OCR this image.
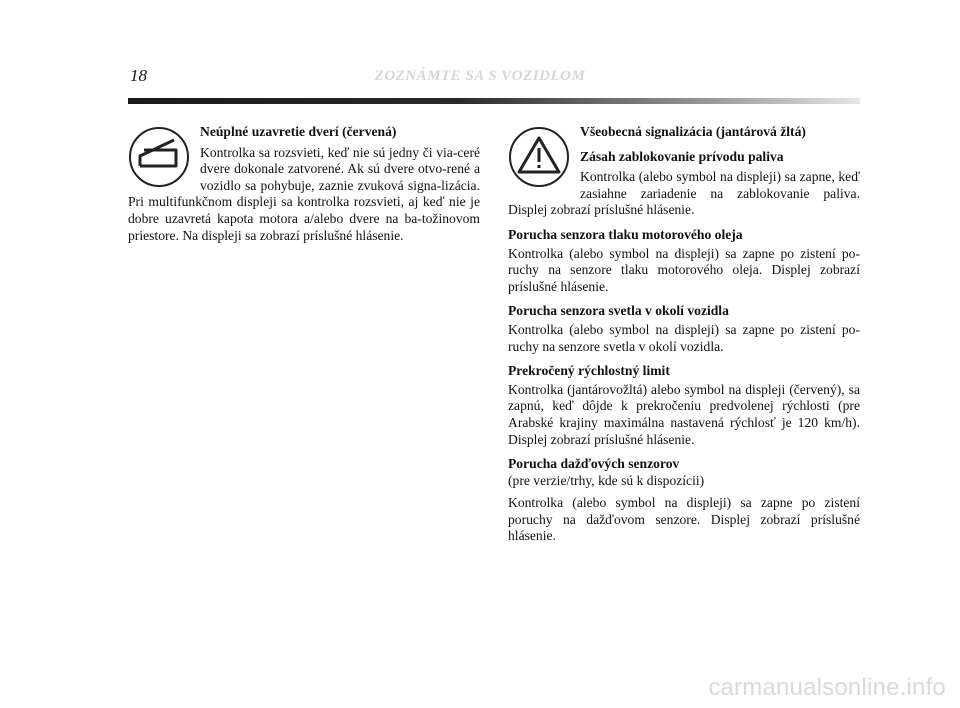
18	ZOZNÁMTE SA S VOZIDLOM
Neúplné uzavretie dverí (červená)

Kontrolka sa rozsvieti, keď nie sú jedny či via-ceré dvere dokonale zatvorené. Ak sú dvere otvo-rené a vozidlo sa pohybuje, zaznie zvuková signa-lizácia. Pri multifunkčnom displeji sa kontrolka rozsvieti, aj keď nie je dobre uzavretá kapota motora a/alebo dvere na ba-tožinovom priestore. Na displeji sa zobrazí príslušné hlásenie.

Všeobecná signalizácia (jantárová žltá)
Zásah zablokovanie prívodu paliva

Kontrolka (alebo symbol na displeji) sa zapne, keď zasiahne zariadenie na zablokovanie paliva. Displej zobrazí príslušné hlásenie.

Porucha senzora tlaku motorového oleja

Kontrolka (alebo symbol na displeji) sa zapne po zistení po-ruchy na senzore tlaku motorového oleja. Displej zobrazí príslušné hlásenie.

Porucha senzora svetla v okolí vozidla

Kontrolka (alebo symbol na displeji) sa zapne po zistení po-ruchy na senzore svetla v okolí vozidla.

Prekročený rýchlostný limit

Kontrolka (jantárovožltá) alebo symbol na displeji (červený), sa zapnú, keď dôjde k prekročeniu predvolenej rýchlosti (pre Arabské krajiny maximálna nastavená rýchlosť je 120 km/h). Displej zobrazí príslušné hlásenie.

Porucha dažďových senzorov

(pre verzie/trhy, kde sú k dispozícii)

Kontrolka (alebo symbol na displeji) sa zapne po zistení poruchy na dažďovom senzore. Displej zobrazí príslušné hlásenie.

carmanualsonline.info
